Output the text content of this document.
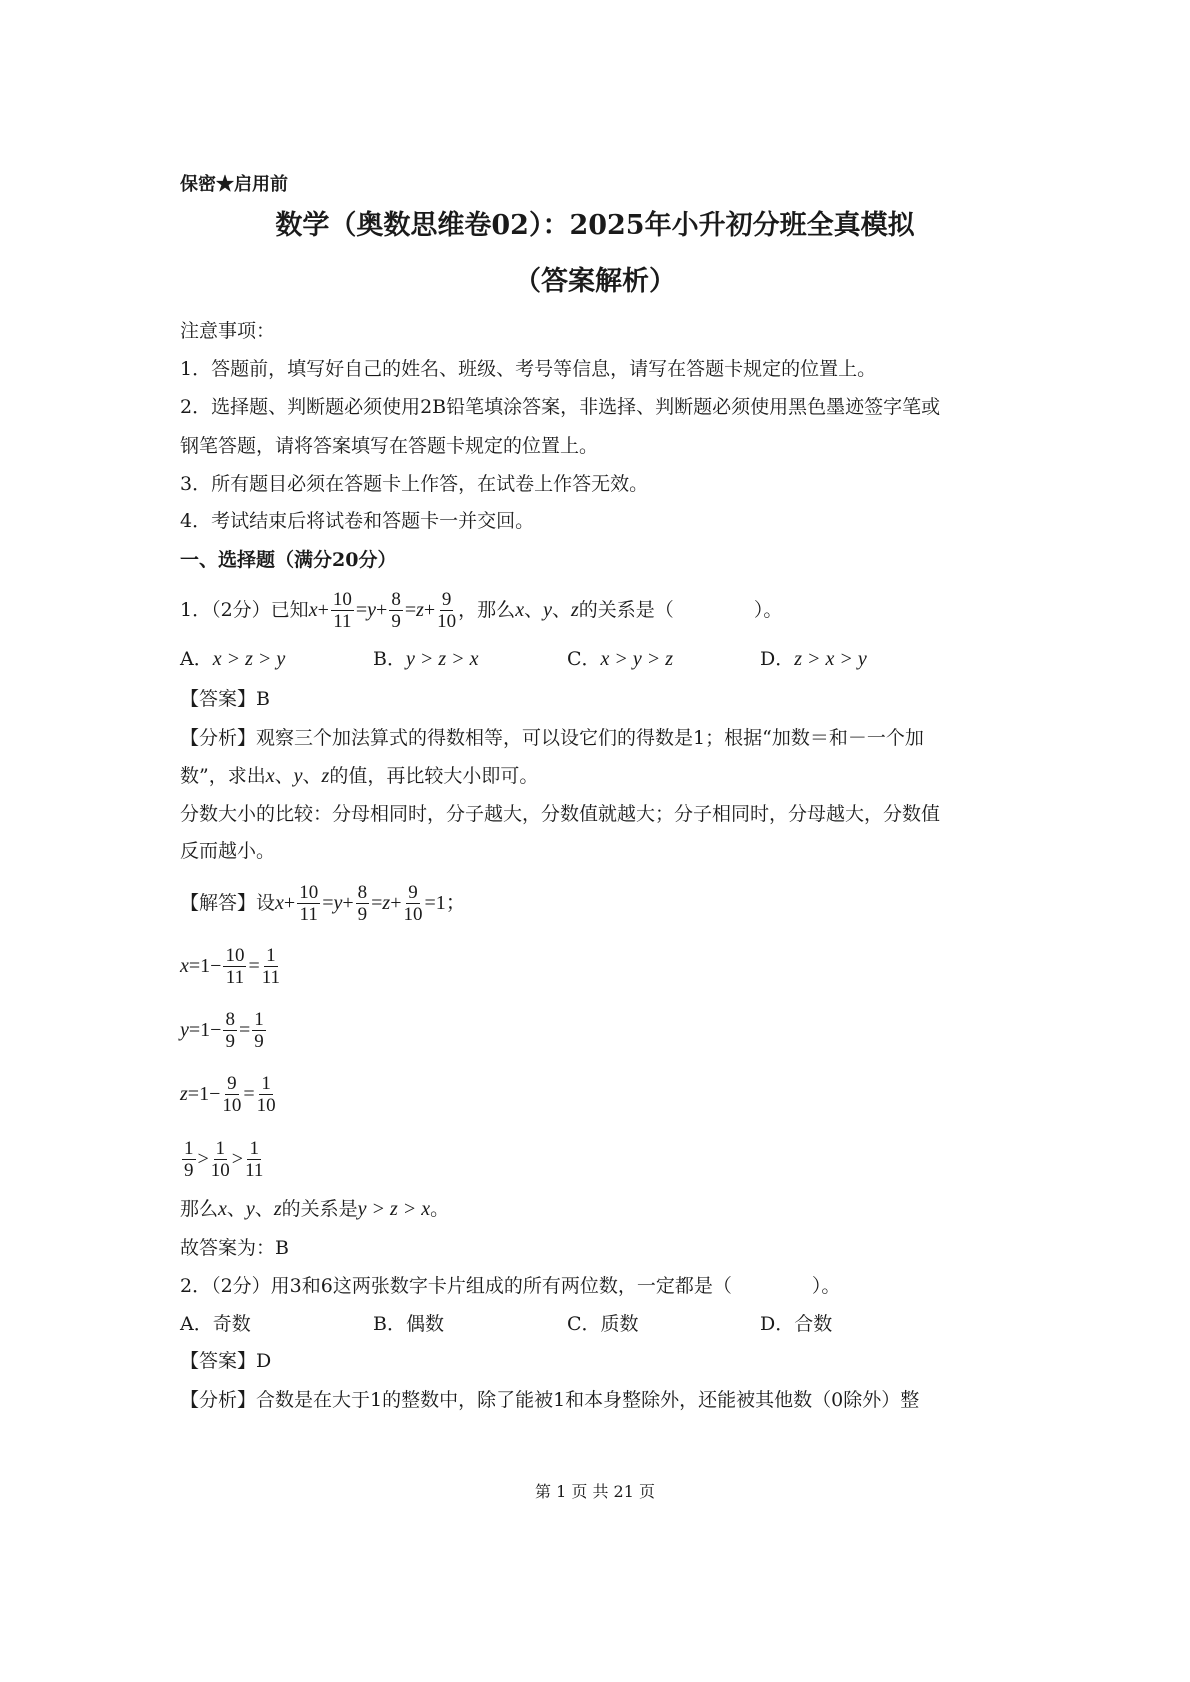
保密★启用前
数学（奥数思维卷02）：2025年小升初分班全真模拟
（答案解析）
注意事项：
1．答题前，填写好自己的姓名、班级、考号等信息，请写在答题卡规定的位置上。
2．选择题、判断题必须使用2B铅笔填涂答案，非选择、判断题必须使用黑色墨迹签字笔或
钢笔答题，请将答案填写在答题卡规定的位置上。
3．所有题目必须在答题卡上作答，在试卷上作答无效。
4．考试结束后将试卷和答题卡一并交回。
一、选择题（满分20分）
1．（2分）已知 $x + \frac{10}{11} = y + \frac{8}{9} = z + \frac{9}{10}$ ，那么 x 、 y 、 z 的关系是（	）。
A．x > z > y	B．y > z > x	C．x > y > z	D．z > x > y
【答案】B
【分析】 观察三个加法算式的得数相等，可以设它们的得数是1；根据“加数＝和－一个加
数”，求出 x 、 y 、 z 的值，再比较大小即可。
分数大小的比较：分母相同时，分子越大，分数值就越大；分子相同时，分母越大，分数值
反而越小。
【解答】设 $x + \frac{10}{11} = y + \frac{8}{9} = z + \frac{9}{10} =1$；
$x = 1 - \frac{10}{11} = \frac{1}{11}$
$y = 1 - \frac{8}{9} = \frac{1}{9}$
$z = 1 - \frac{9}{10} = \frac{1}{10}$
1
9 > 1
10 > 1
11
那么 x 、 y 、 z 的关系是 y > z > x 。
故答案为：B
2．（2分）用3和6这两张数字卡片组成的所有两位数，一定都是（	）。
A．奇数	B．偶数	C．质数	D．合数
【答案】D
【分析】合数是在大于1的整数中，除了能被1和本身整除外，还能被其他数（0除外）整
第 1 页 共 21 页
